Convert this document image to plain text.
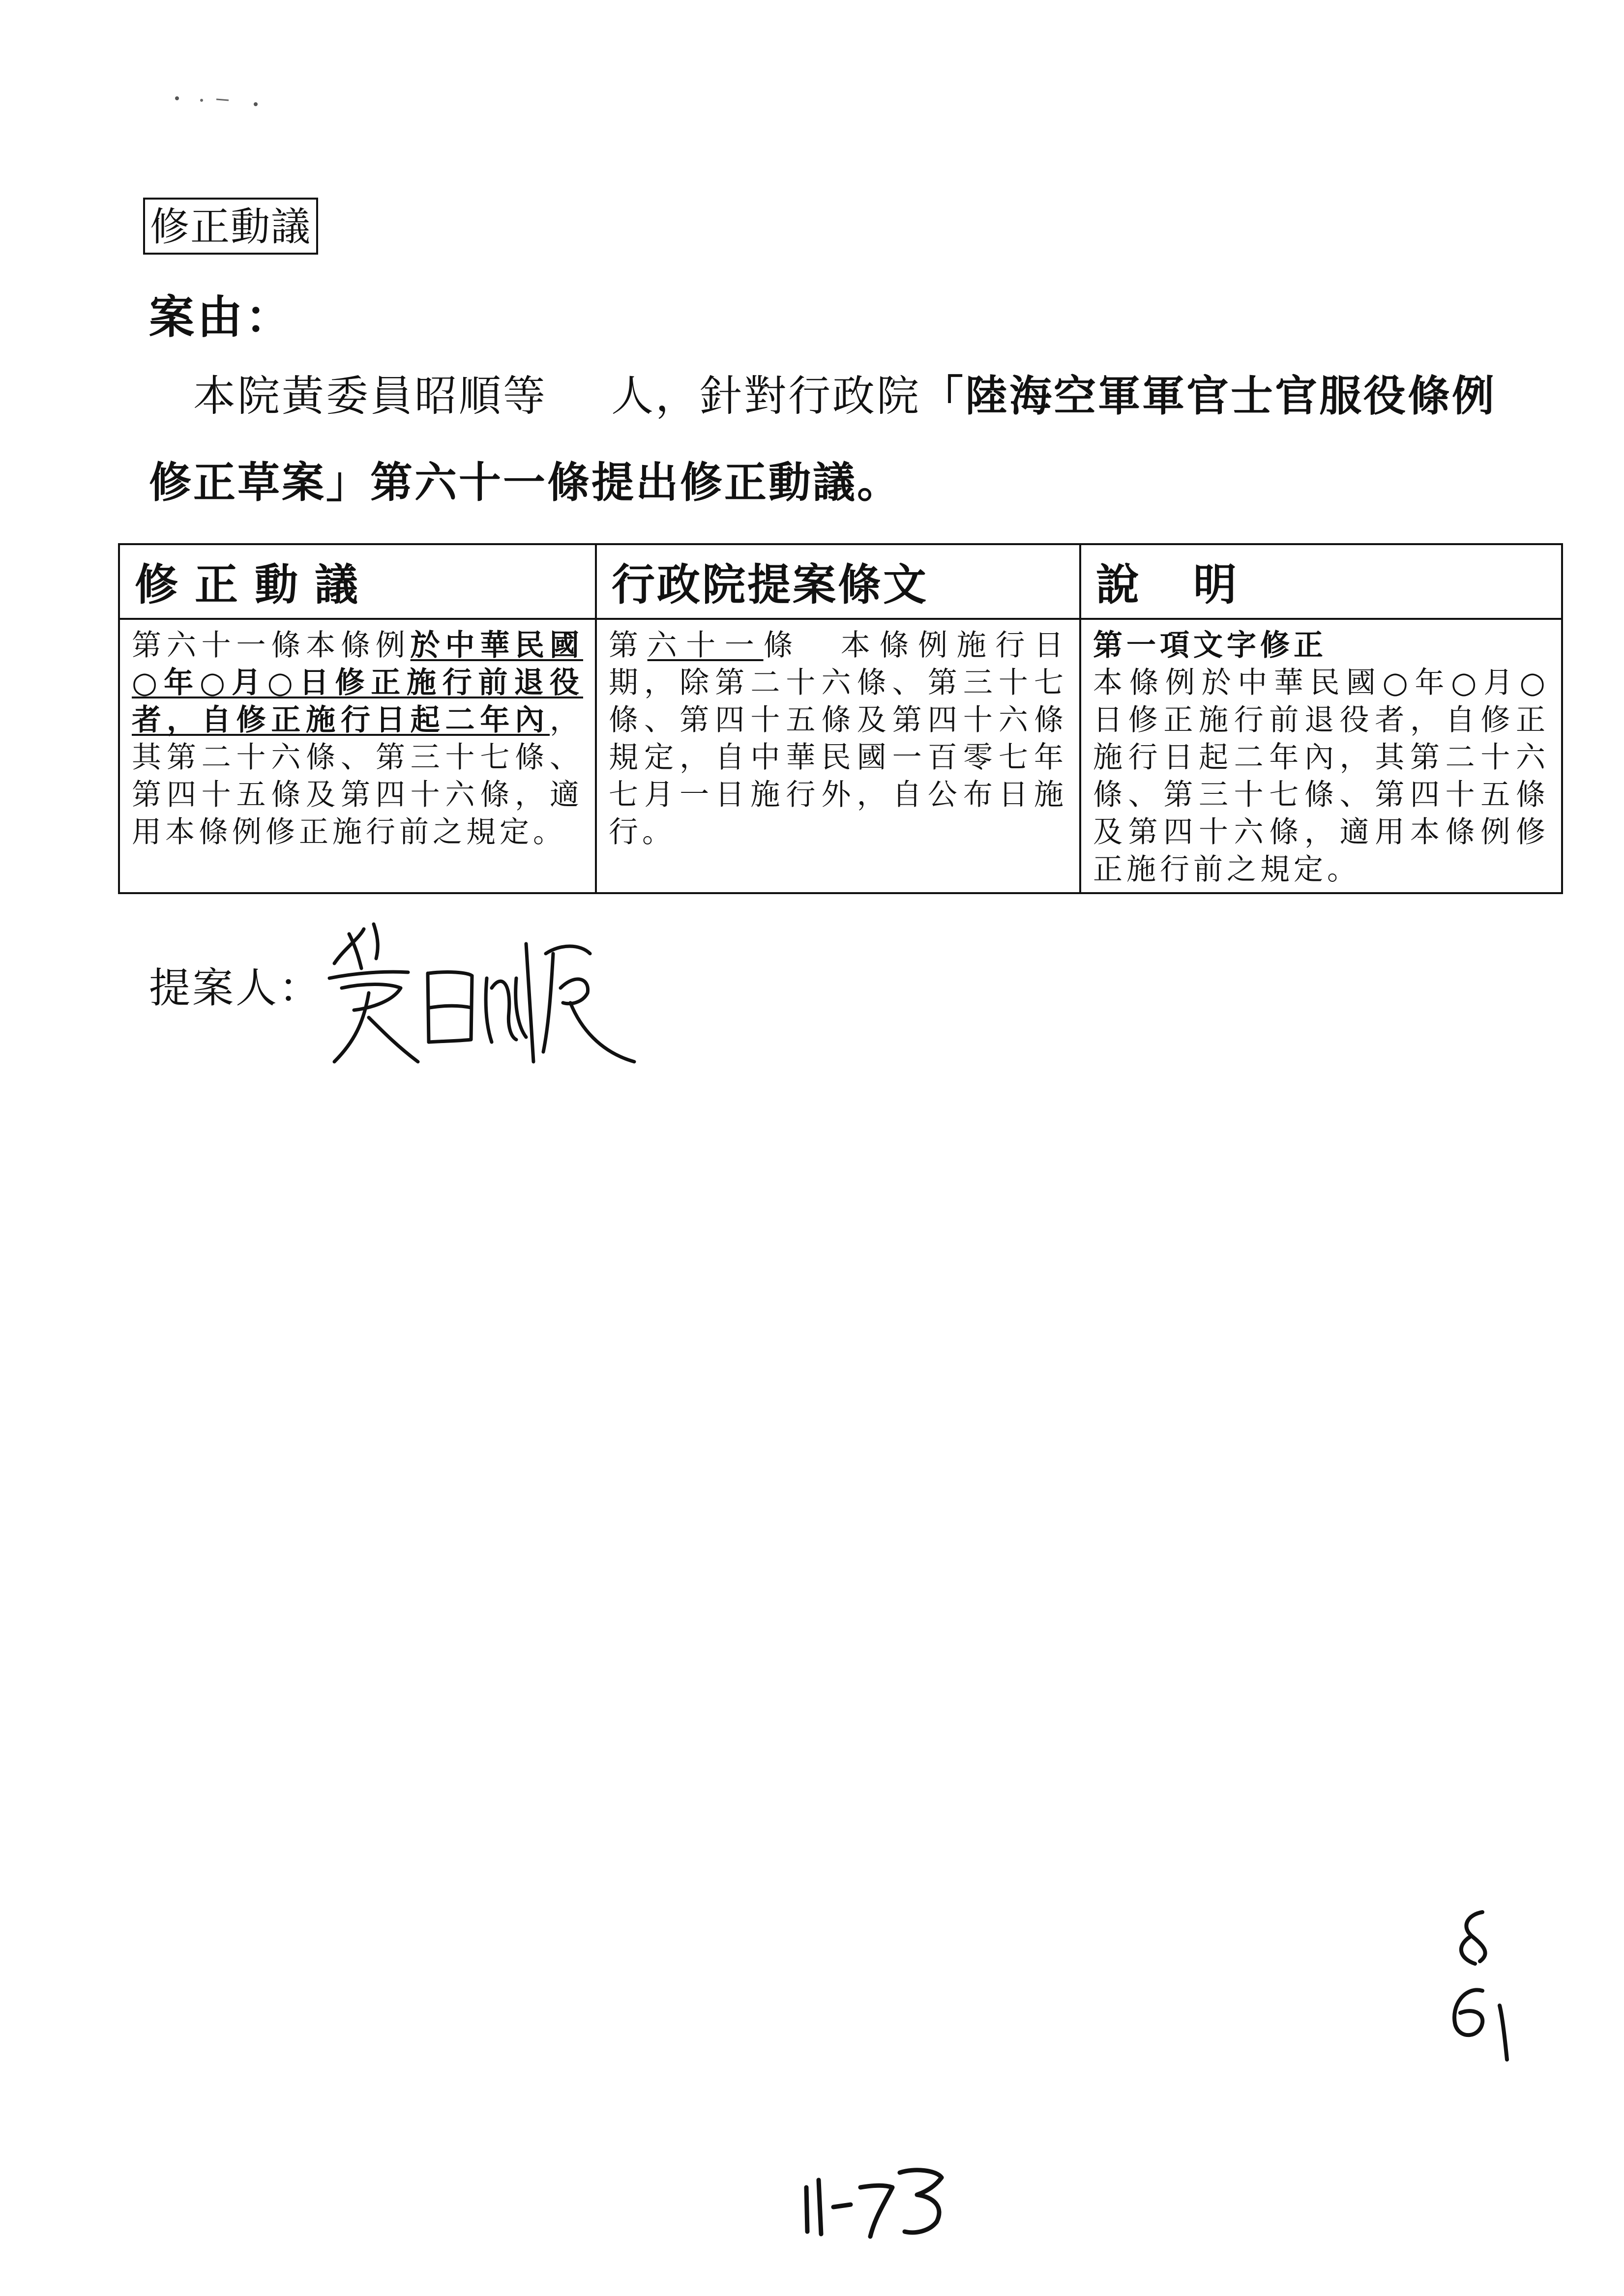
修正動議
案由：
本院黃委員昭順等 人，針對行政院「陸海空軍軍官士官服役條例
修正草案」第六十一條提出修正動議。
修正動議	行政院提案條文	說明
第六十一條本條例於中華民國○年○月○日修正施行前退役者，自修正施行日起二年內，其第二十六條、第三十七條、第四十五條及第四十六條，適用本條例修正施行前之規定。	第六十一條　本條例施行日期，除第二十六條、第三十七條、第四十五條及第四十六條規定，自中華民國一百零七年七月一日施行外，自公布日施行。	第一項文字修正
本條例於中華民國○年○月○日修正施行前退役者，自修正施行日起二年內，其第二十六條、第三十七條、第四十五條及第四十六條，適用本條例修正施行前之規定。
提案人：
